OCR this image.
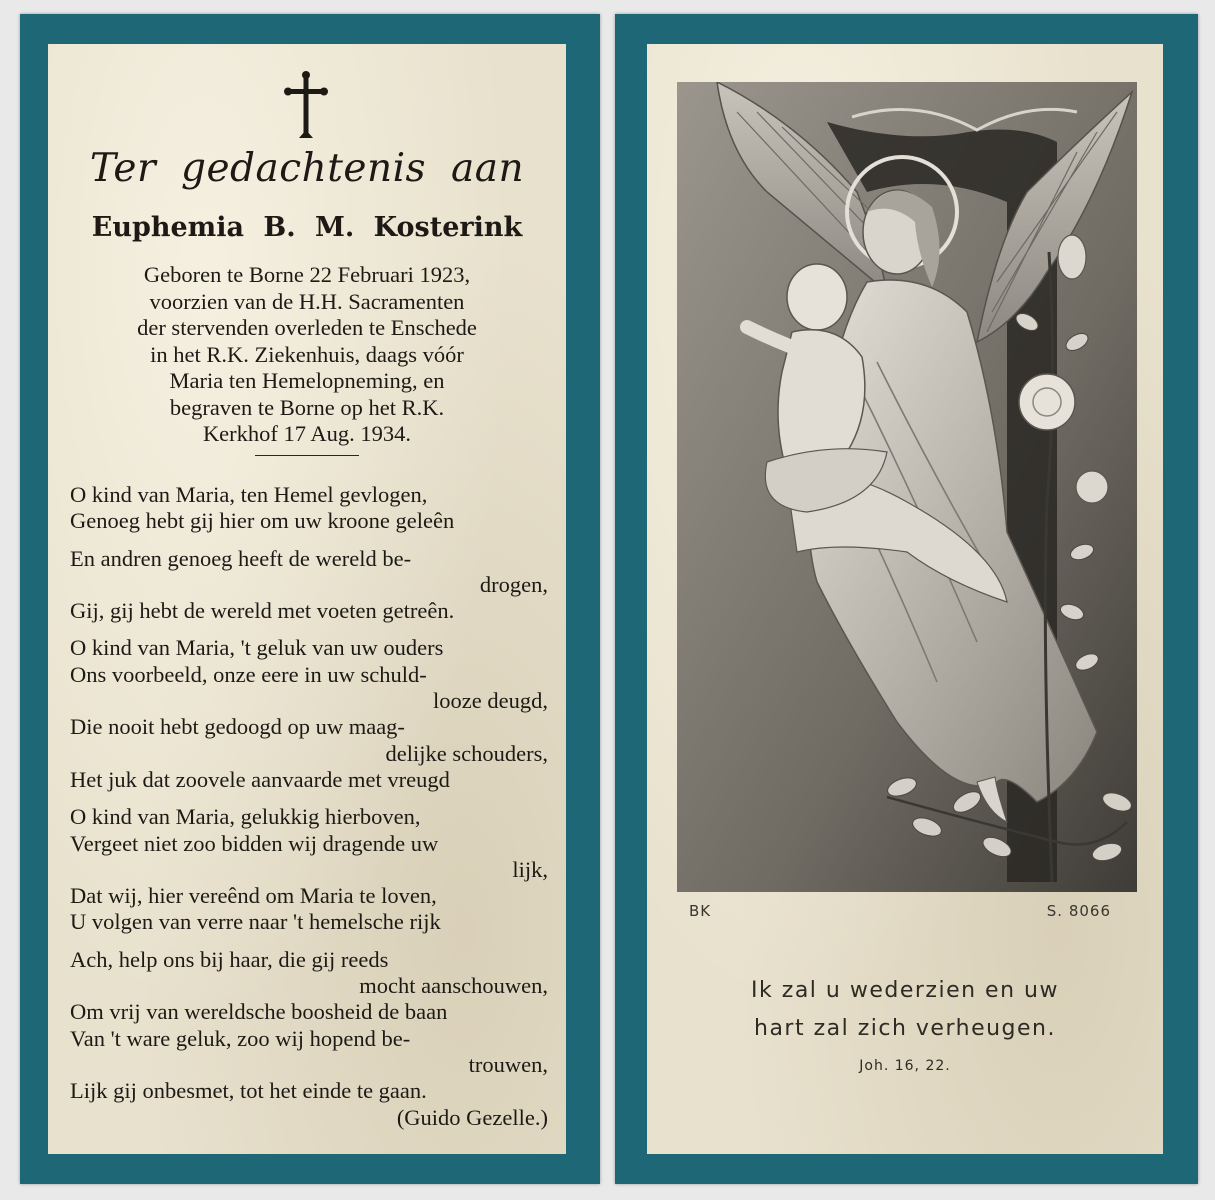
Ter gedachtenis aan
Euphemia B. M. Kosterink
Geboren te Borne 22 Februari 1923,
voorzien van de H.H. Sacramenten
der stervenden overleden te Enschede
in het R.K. Ziekenhuis, daags vóór
Maria ten Hemelopneming, en
begraven te Borne op het R.K.
Kerkhof 17 Aug. 1934.
O kind van Maria, ten Hemel gevlogen,
Genoeg hebt gij hier om uw kroone geleên
En andren genoeg heeft de wereld be-
drogen,
Gij, gij hebt de wereld met voeten getreên.
O kind van Maria, 't geluk van uw ouders
Ons voorbeeld, onze eere in uw schuld-
looze deugd,
Die nooit hebt gedoogd op uw maag-
delijke schouders,
Het juk dat zoovele aanvaarde met vreugd
O kind van Maria, gelukkig hierboven,
Vergeet niet zoo bidden wij dragende uw
lijk,
Dat wij, hier vereênd om Maria te loven,
U volgen van verre naar 't hemelsche rijk
Ach, help ons bij haar, die gij reeds
mocht aanschouwen,
Om vrij van wereldsche boosheid de baan
Van 't ware geluk, zoo wij hopend be-
trouwen,
Lijk gij onbesmet, tot het einde te gaan.
(Guido Gezelle.)
BK	S. 8066
Ik zal u wederzien en uw
hart zal zich verheugen.
Joh. 16, 22.
